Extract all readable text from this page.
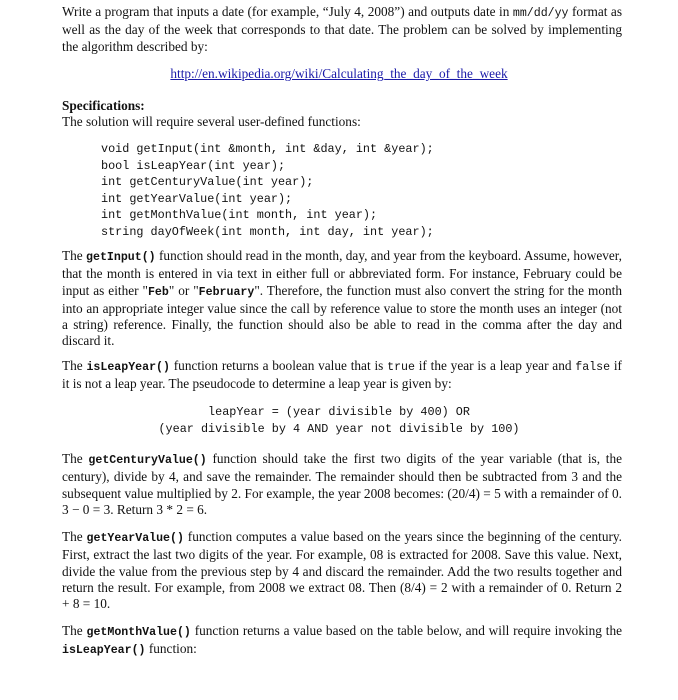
Write a program that inputs a date (for example, “July 4, 2008”) and outputs date in mm/dd/yy format as well as the day of the week that corresponds to that date. The problem can be solved by implementing the algorithm described by:

http://en.wikipedia.org/wiki/Calculating_the_day_of_the_week
Specifications:
The solution will require several user-defined functions:
void getInput(int &month, int &day, int &year);
bool isLeapYear(int year);
int getCenturyValue(int year);
int getYearValue(int year);
int getMonthValue(int month, int year);
string dayOfWeek(int month, int day, int year);

The getInput() function should read in the month, day, and year from the keyboard. Assume, however, that the month is entered in via text in either full or abbreviated form. For instance, February could be input as either "Feb" or "February". Therefore, the function must also convert the string for the month into an appropriate integer value since the call by reference value to store the month uses an integer (not a string) reference. Finally, the function should also be able to read in the comma after the day and discard it.

The isLeapYear() function returns a boolean value that is true if the year is a leap year and false if it is not a leap year. The pseudocode to determine a leap year is given by:

leapYear = (year divisible by 400) OR
(year divisible by 4 AND year not divisible by 100)

The getCenturyValue() function should take the first two digits of the year variable (that is, the century), divide by 4, and save the remainder. The remainder should then be subtracted from 3 and the subsequent value multiplied by 2. For example, the year 2008 becomes: (20/4) = 5 with a remainder of 0. 3 − 0 = 3. Return 3 * 2 = 6.

The getYearValue() function computes a value based on the years since the beginning of the century. First, extract the last two digits of the year. For example, 08 is extracted for 2008. Save this value. Next, divide the value from the previous step by 4 and discard the remainder. Add the two results together and return the result. For example, from 2008 we extract 08. Then (8/4) = 2 with a remainder of 0. Return 2 + 8 = 10.

The getMonthValue() function returns a value based on the table below, and will require invoking the isLeapYear() function:
